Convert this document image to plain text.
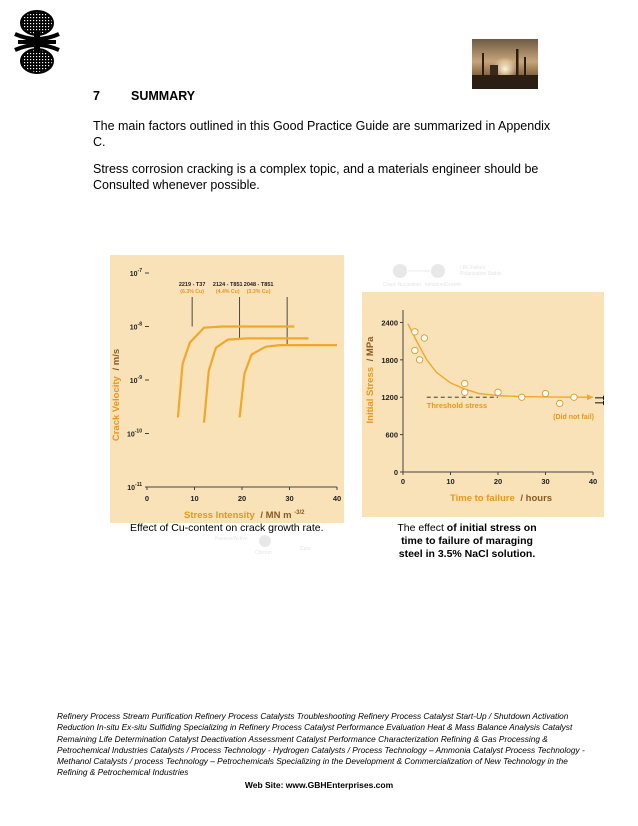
7 SUMMARY
The main factors outlined in this Good Practice Guide are summarized in Appendix C.
Stress corrosion cracking is a complex topic, and a materials engineer should be Consulted whenever possible.
Crack Nucleation Initiation/Growth
LRL Failure
Polarization Stable
Passive/Active
Chicion
Cuts
0	10	20	30	40
$10^{-7}$
$10^{-8}$
$10^{-9}$
$10^{-10}$
$10^{-11}$
2219 - T37
(6.3% Cu)
2124 - T851
(4.4% Cu)
2048 - T851
(3.3% Cu)
Stress Intensity / MN m $^{-3/2}$
Crack Velocity / m/s
0	10	20	30	40
0
600
1200
1800
2400
Threshold stress
(Did not fail)
Time to failure / hours
Initial Stress / MPa
Effect of Cu-content on crack growth rate.	The effect of initial stress on time to failure of maraging steel in 3.5% NaCl solution.
Refinery Process Stream Purification Refinery Process Catalysts Troubleshooting Refinery Process Catalyst Start-Up / Shutdown Activation Reduction In-situ Ex-situ Sulfiding Specializing in Refinery Process Catalyst Performance Evaluation Heat & Mass Balance Analysis Catalyst Remaining Life Determination Catalyst Deactivation Assessment Catalyst Performance Characterization Refining & Gas Processing & Petrochemical Industries Catalysts / Process Technology - Hydrogen Catalysts / Process Technology – Ammonia Catalyst Process Technology - Methanol Catalysts / process Technology – Petrochemicals Specializing in the Development & Commercialization of New Technology in the Refining & Petrochemical Industries
Web Site: www.GBHEnterprises.com
